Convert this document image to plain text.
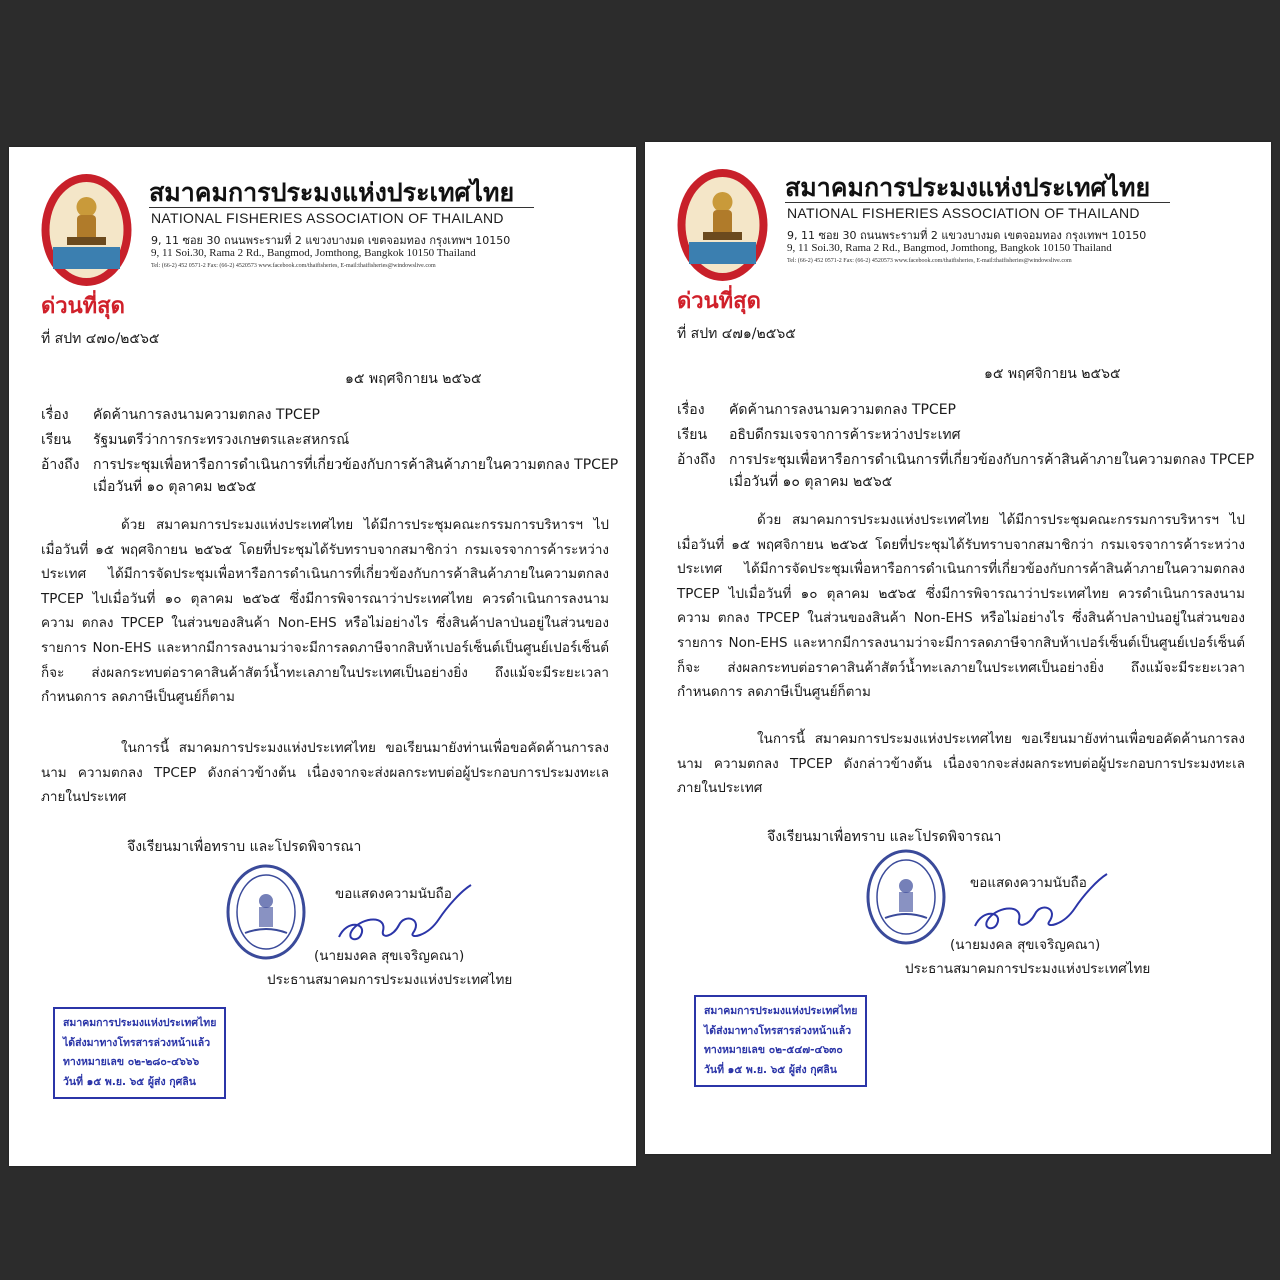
สมาคมการประมงแห่งประเทศไทย
NATIONAL FISHERIES ASSOCIATION OF THAILAND
9, 11 ซอย 30 ถนนพระรามที่ 2 แขวงบางมด เขตจอมทอง กรุงเทพฯ 10150
9, 11 Soi.30, Rama 2 Rd., Bangmod, Jomthong, Bangkok 10150 Thailand
Tel: (66-2) 452 0571-2 Fax: (66-2) 4520573 www.facebook.com/thaifisheries, E-mail:thaifisheries@windowslive.com
ด่วนที่สุด
ที่ สปท ๔๗๐/๒๕๖๕
๑๕ พฤศจิกายน ๒๕๖๕
เรื่อง คัดค้านการลงนามความตกลง TPCEP
เรียน รัฐมนตรีว่าการกระทรวงเกษตรและสหกรณ์
อ้างถึง การประชุมเพื่อหารือการดำเนินการที่เกี่ยวข้องกับการค้าสินค้าภายในความตกลง TPCEP
เมื่อวันที่ ๑๐ ตุลาคม ๒๕๖๕
ด้วย สมาคมการประมงแห่งประเทศไทย ได้มีการประชุมคณะกรรมการบริหารฯ ไป เมื่อวันที่ ๑๕ พฤศจิกายน ๒๕๖๕ โดยที่ประชุมได้รับทราบจากสมาชิกว่า กรมเจรจาการค้าระหว่าง ประเทศ ได้มีการจัดประชุมเพื่อหารือการดำเนินการที่เกี่ยวข้องกับการค้าสินค้าภายในความตกลง TPCEP ไปเมื่อวันที่ ๑๐ ตุลาคม ๒๕๖๕ ซึ่งมีการพิจารณาว่าประเทศไทย ควรดำเนินการลงนามความ ตกลง TPCEP ในส่วนของสินค้า Non-EHS หรือไม่อย่างไร ซึ่งสินค้าปลาป่นอยู่ในส่วนของรายการ Non-EHS และหากมีการลงนามว่าจะมีการลดภาษีจากสิบห้าเปอร์เซ็นต์เป็นศูนย์เปอร์เซ็นต์ ก็จะ ส่งผลกระทบต่อราคาสินค้าสัตว์น้ำทะเลภายในประเทศเป็นอย่างยิ่ง ถึงแม้จะมีระยะเวลากำหนดการ ลดภาษีเป็นศูนย์ก็ตาม
ในการนี้ สมาคมการประมงแห่งประเทศไทย ขอเรียนมายังท่านเพื่อขอคัดค้านการลงนาม ความตกลง TPCEP ดังกล่าวข้างต้น เนื่องจากจะส่งผลกระทบต่อผู้ประกอบการประมงทะเล ภายในประเทศ
จึงเรียนมาเพื่อทราบ และโปรดพิจารณา
ขอแสดงความนับถือ
(นายมงคล สุขเจริญคณา)
ประธานสมาคมการประมงแห่งประเทศไทย
สมาคมการประมงแห่งประเทศไทย
ได้ส่งมาทางโทรสารล่วงหน้าแล้ว
ทางหมายเลข ๐๒-๒๘๐-๔๖๖๖
วันที่ ๑๕ พ.ย. ๖๕ ผู้ส่ง กุศลิน
สมาคมการประมงแห่งประเทศไทย
NATIONAL FISHERIES ASSOCIATION OF THAILAND
9, 11 ซอย 30 ถนนพระรามที่ 2 แขวงบางมด เขตจอมทอง กรุงเทพฯ 10150
9, 11 Soi.30, Rama 2 Rd., Bangmod, Jomthong, Bangkok 10150 Thailand
Tel: (66-2) 452 0571-2 Fax: (66-2) 4520573 www.facebook.com/thaifisheries, E-mail:thaifisheries@windowslive.com
ด่วนที่สุด
ที่ สปท ๔๗๑/๒๕๖๕
๑๕ พฤศจิกายน ๒๕๖๕
เรื่อง คัดค้านการลงนามความตกลง TPCEP
เรียน อธิบดีกรมเจรจาการค้าระหว่างประเทศ
อ้างถึง การประชุมเพื่อหารือการดำเนินการที่เกี่ยวข้องกับการค้าสินค้าภายในความตกลง TPCEP
เมื่อวันที่ ๑๐ ตุลาคม ๒๕๖๕
ด้วย สมาคมการประมงแห่งประเทศไทย ได้มีการประชุมคณะกรรมการบริหารฯ ไป เมื่อวันที่ ๑๕ พฤศจิกายน ๒๕๖๕ โดยที่ประชุมได้รับทราบจากสมาชิกว่า กรมเจรจาการค้าระหว่าง ประเทศ ได้มีการจัดประชุมเพื่อหารือการดำเนินการที่เกี่ยวข้องกับการค้าสินค้าภายในความตกลง TPCEP ไปเมื่อวันที่ ๑๐ ตุลาคม ๒๕๖๕ ซึ่งมีการพิจารณาว่าประเทศไทย ควรดำเนินการลงนามความ ตกลง TPCEP ในส่วนของสินค้า Non-EHS หรือไม่อย่างไร ซึ่งสินค้าปลาป่นอยู่ในส่วนของรายการ Non-EHS และหากมีการลงนามว่าจะมีการลดภาษีจากสิบห้าเปอร์เซ็นต์เป็นศูนย์เปอร์เซ็นต์ ก็จะ ส่งผลกระทบต่อราคาสินค้าสัตว์น้ำทะเลภายในประเทศเป็นอย่างยิ่ง ถึงแม้จะมีระยะเวลากำหนดการ ลดภาษีเป็นศูนย์ก็ตาม
ในการนี้ สมาคมการประมงแห่งประเทศไทย ขอเรียนมายังท่านเพื่อขอคัดค้านการลงนาม ความตกลง TPCEP ดังกล่าวข้างต้น เนื่องจากจะส่งผลกระทบต่อผู้ประกอบการประมงทะเล ภายในประเทศ
จึงเรียนมาเพื่อทราบ และโปรดพิจารณา
ขอแสดงความนับถือ
(นายมงคล สุขเจริญคณา)
ประธานสมาคมการประมงแห่งประเทศไทย
สมาคมการประมงแห่งประเทศไทย
ได้ส่งมาทางโทรสารล่วงหน้าแล้ว
ทางหมายเลข ๐๒-๕๔๗-๔๖๓๐
วันที่ ๑๕ พ.ย. ๖๕ ผู้ส่ง กุศลิน
